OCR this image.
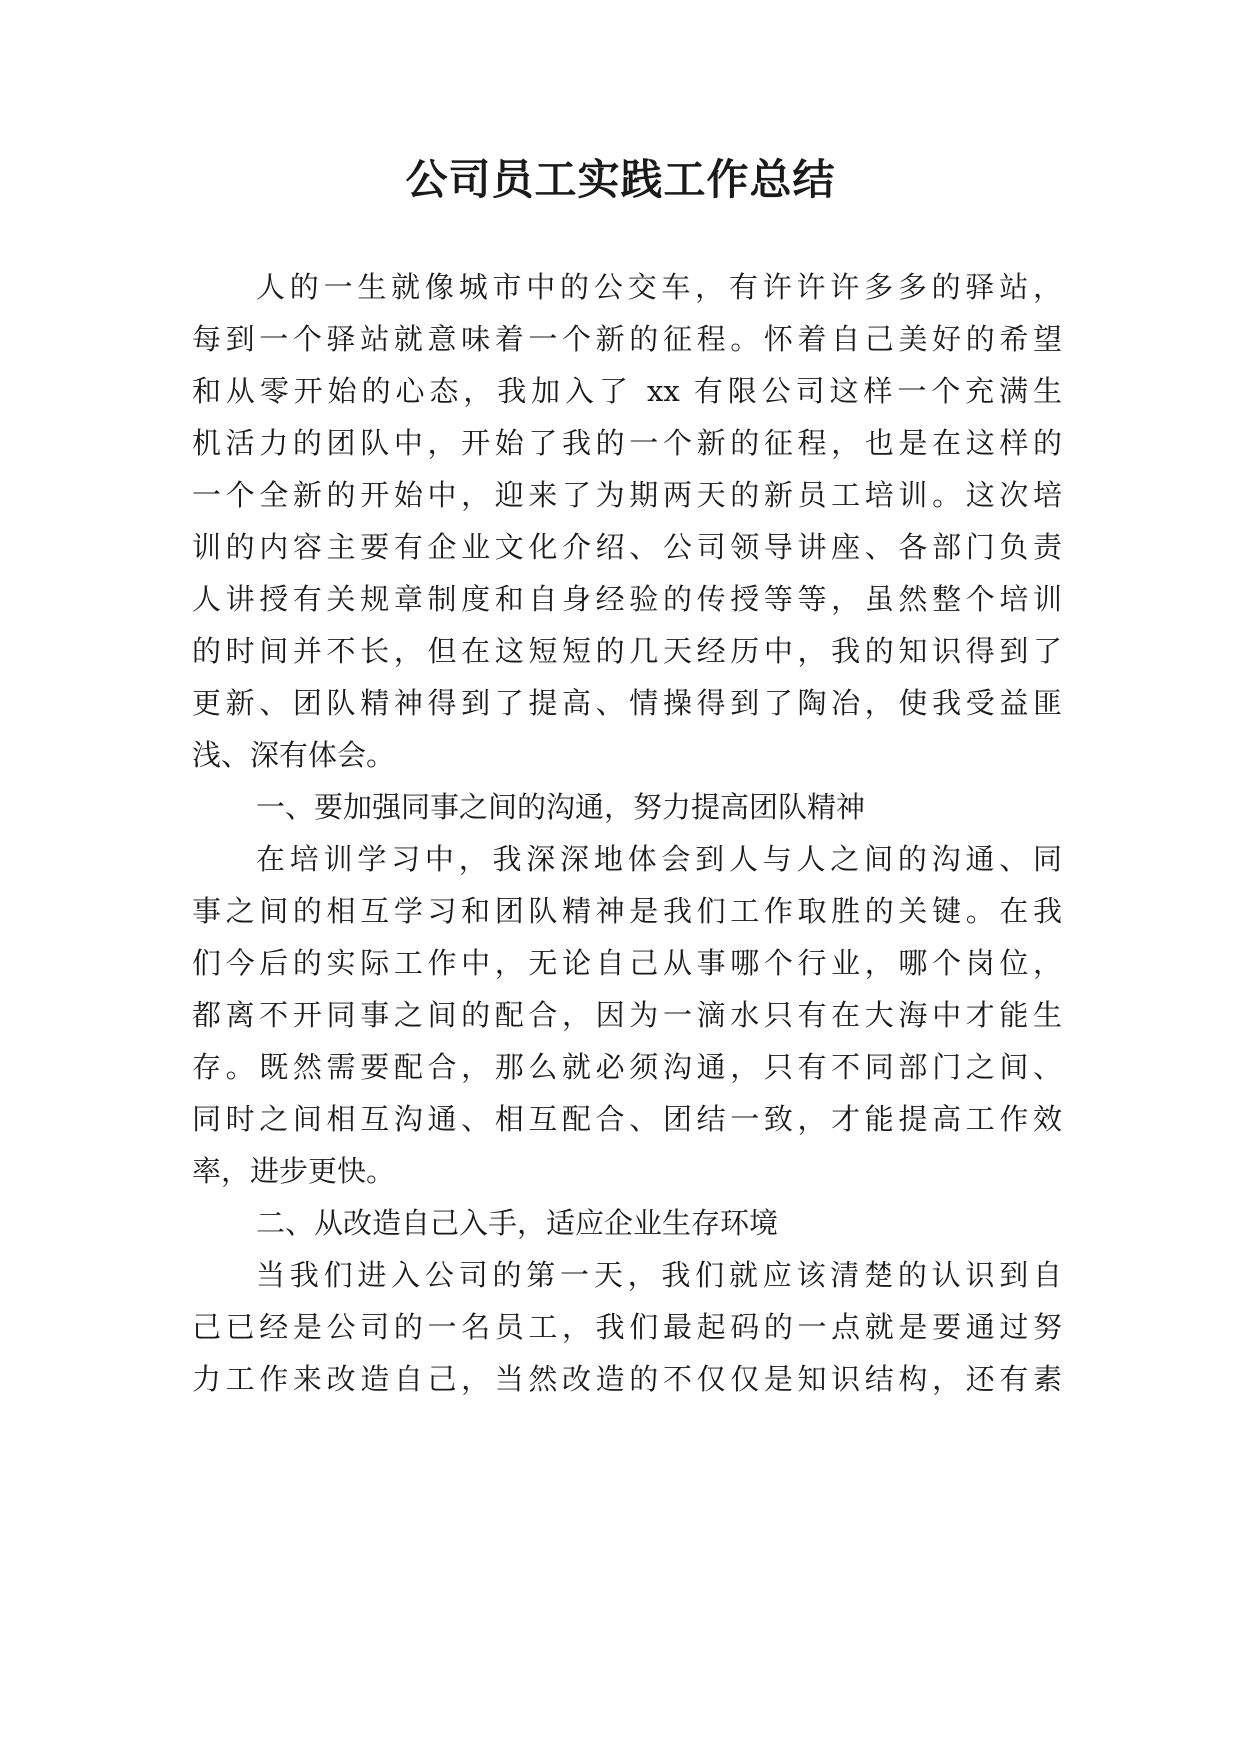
公司员工实践工作总结

人的一生就像城市中的公交车，有许许许多多的驿站，

每到一个驿站就意味着一个新的征程。怀着自己美好的希望

和从零开始的心态，我加入了 xx 有限公司这样一个充满生

机活力的团队中，开始了我的一个新的征程，也是在这样的

一个全新的开始中，迎来了为期两天的新员工培训。这次培

训的内容主要有企业文化介绍、公司领导讲座、各部门负责

人讲授有关规章制度和自身经验的传授等等，虽然整个培训

的时间并不长，但在这短短的几天经历中，我的知识得到了

更新、团队精神得到了提高、情操得到了陶冶，使我受益匪

浅、深有体会。

一、要加强同事之间的沟通，努力提高团队精神

在培训学习中，我深深地体会到人与人之间的沟通、同

事之间的相互学习和团队精神是我们工作取胜的关键。在我

们今后的实际工作中，无论自己从事哪个行业，哪个岗位，

都离不开同事之间的配合，因为一滴水只有在大海中才能生

存。既然需要配合，那么就必须沟通，只有不同部门之间、

同时之间相互沟通、相互配合、团结一致，才能提高工作效

率，进步更快。

二、从改造自己入手，适应企业生存环境

当我们进入公司的第一天，我们就应该清楚的认识到自

己已经是公司的一名员工，我们最起码的一点就是要通过努

力工作来改造自己，当然改造的不仅仅是知识结构，还有素
